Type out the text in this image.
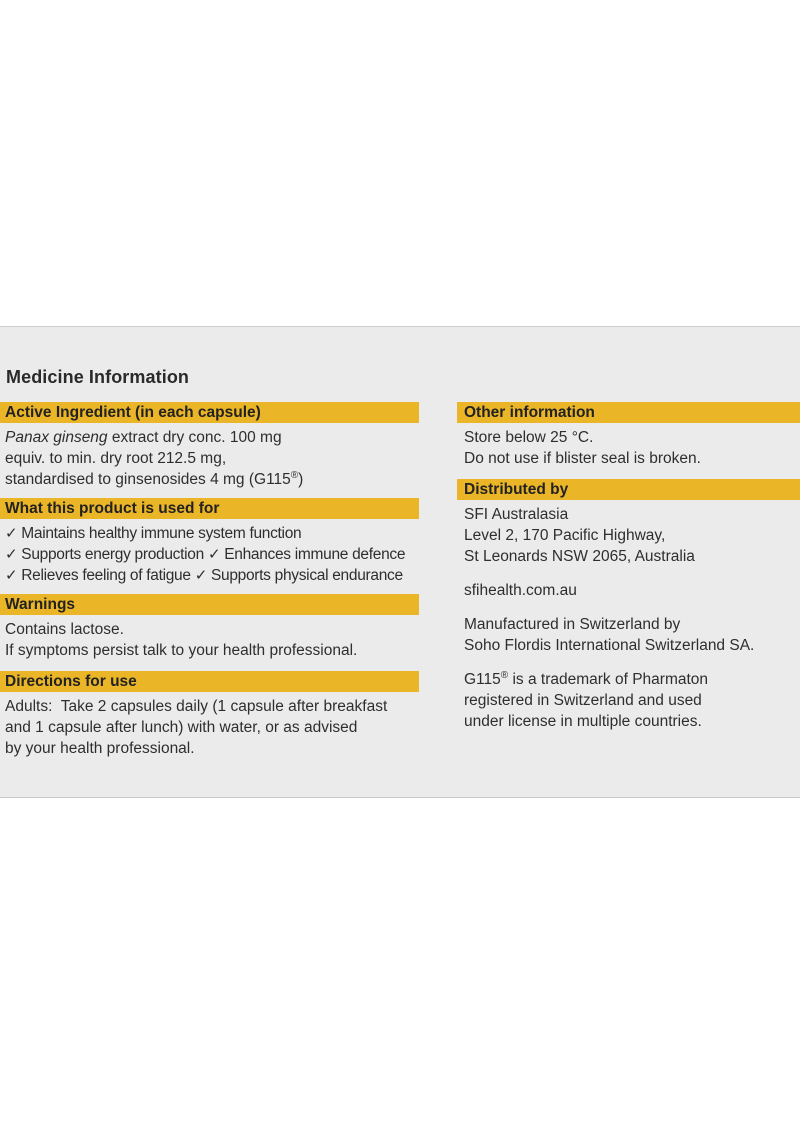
Medicine Information
Active Ingredient (in each capsule)
Panax ginseng extract dry conc. 100 mg
equiv. to min. dry root 212.5 mg,
standardised to ginsenosides 4 mg (G115®)
What this product is used for
✓ Maintains healthy immune system function
✓ Supports energy production ✓ Enhances immune defence
✓ Relieves feeling of fatigue ✓ Supports physical endurance
Warnings
Contains lactose.
If symptoms persist talk to your health professional.
Directions for use
Adults:  Take 2 capsules daily (1 capsule after breakfast
and 1 capsule after lunch) with water, or as advised
by your health professional.
Other information
Store below 25 °C.
Do not use if blister seal is broken.
Distributed by
SFI Australasia
Level 2, 170 Pacific Highway,
St Leonards NSW 2065, Australia
sfihealth.com.au
Manufactured in Switzerland by
Soho Flordis International Switzerland SA.
G115® is a trademark of Pharmaton
registered in Switzerland and used
under license in multiple countries.
